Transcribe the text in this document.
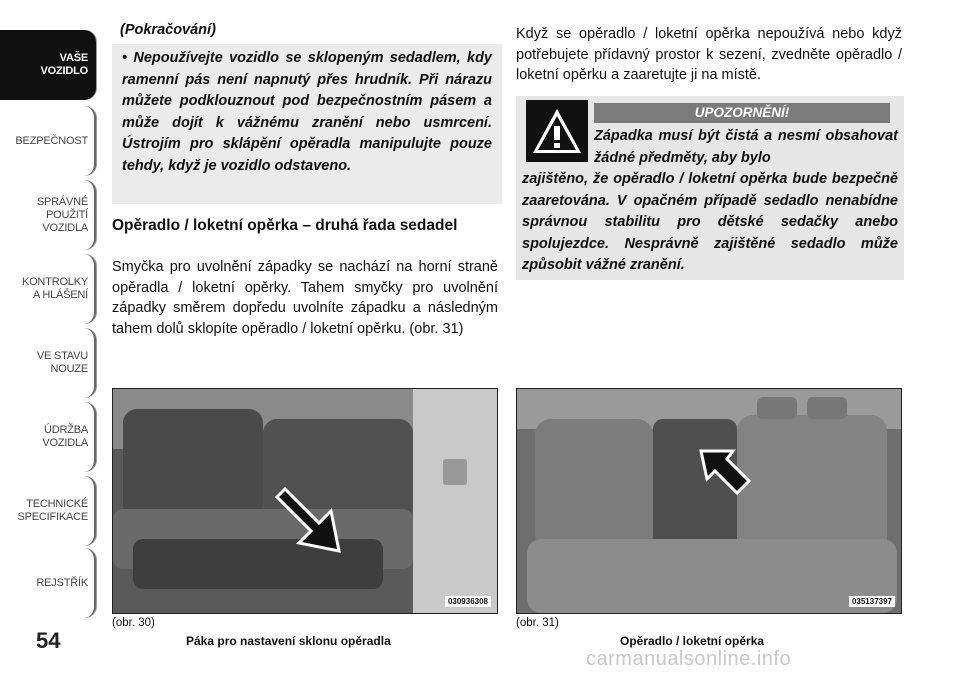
VAŠE
VOZIDLO
BEZPEČNOST
SPRÁVNÉ
POUŽITÍ
VOZIDLA
KONTROLKY
A HLÁŠENÍ
VE STAVU
NOUZE
ÚDRŽBA
VOZIDLA
TECHNICKÉ
SPECIFIKACE
REJSTŘÍK
54
(Pokračování)
• Nepoužívejte vozidlo se sklopeným sedadlem, kdy ramenní pás není napnutý přes hrudník. Při nárazu můžete podklouznout pod bezpečnostním pásem a může dojít k vážnému zranění nebo usmrcení. Ústrojím pro sklápění opěradla manipulujte pouze tehdy, když je vozidlo odstaveno.
Opěradlo / loketní opěrka – druhá řada sedadel
Smyčka pro uvolnění západky se nachází na horní straně opěradla / loketní opěrky. Tahem smyčky pro uvolnění západky směrem dopředu uvolníte západku a následným tahem dolů sklopíte opěradlo / loketní opěrku. (obr. 31)
Když se opěradlo / loketní opěrka nepoužívá nebo když potřebujete přídavný prostor k sezení, zvedněte opěradlo / loketní opěrku a zaaretujte ji na místě.
UPOZORNĚNÍ!
Západka musí být čistá a nesmí obsahovat žádné předměty, aby bylo
zajištěno, že opěradlo / loketní opěrka bude bezpečně zaaretována. V opačném případě sedadlo nenabídne správnou stabilitu pro dětské sedačky anebo spolujezdce. Nesprávně zajištěné sedadlo může způsobit vážné zranění.
030936308
(obr. 30)
Páka pro nastavení sklonu opěradla
035137397
(obr. 31)
Opěradlo / loketní opěrka
carmanualsonline.info
